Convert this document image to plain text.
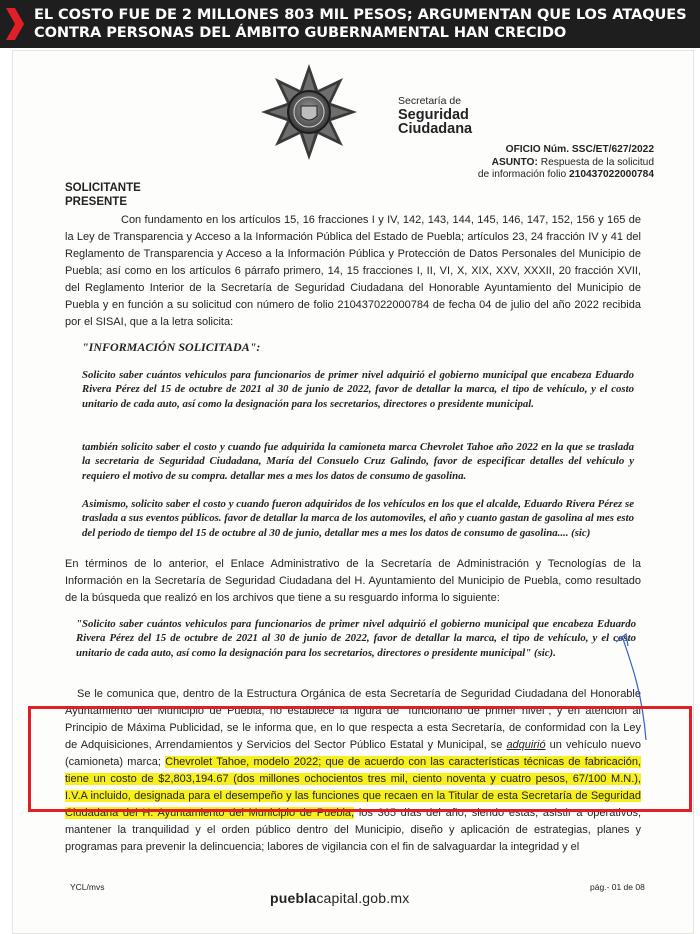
EL COSTO FUE DE 2 MILLONES 803 MIL PESOS; ARGUMENTAN QUE LOS ATAQUES
CONTRA PERSONAS DEL ÁMBITO GUBERNAMENTAL HAN CRECIDO
Secretaría de
Seguridad
Ciudadana
OFICIO Núm. SSC/ET/627/2022
ASUNTO: Respuesta de la solicitud
de información folio 210437022000784
SOLICITANTE
PRESENTE

Con fundamento en los artículos 15, 16 fracciones I y IV, 142, 143, 144, 145, 146, 147, 152, 156 y 165 de la Ley de Transparencia y Acceso a la Información Pública del Estado de Puebla; artículos 23, 24 fracción IV y 41 del Reglamento de Transparencia y Acceso a la Información Pública y Protección de Datos Personales del Municipio de Puebla; así como en los artículos 6 párrafo primero, 14, 15 fracciones I, II, VI, X, XIX, XXV, XXXII, 20 fracción XVII, del Reglamento Interior de la Secretaría de Seguridad Ciudadana del Honorable Ayuntamiento del Municipio de Puebla y en función a su solicitud con número de folio 210437022000784 de fecha 04 de julio del año 2022 recibida por el SISAI, que a la letra solicita:

"INFORMACIÓN SOLICITADA":

Solicito saber cuántos vehiculos para funcionarios de primer nivel adquirió el gobierno municipal que encabeza Eduardo Rivera Pérez del 15 de octubre de 2021 al 30 de junio de 2022, favor de detallar la marca, el tipo de vehículo, y el costo unitario de cada auto, así como la designación para los secretarios, directores o presidente municipal.

también solicito saber el costo y cuando fue adquirida la camioneta marca Chevrolet Tahoe año 2022 en la que se traslada la secretaria de Seguridad Ciudadana, María del Consuelo Cruz Galindo, favor de especificar detalles del vehículo y requiero el motivo de su compra. detallar mes a mes los datos de consumo de gasolina.

Asimismo, solicito saber el costo y cuando fueron adquiridos de los vehículos en los que el alcalde, Eduardo Rivera Pérez se traslada a sus eventos públicos. favor de detallar la marca de los automoviles, el año y cuanto gastan de gasolina al mes esto del periodo de tiempo del 15 de octubre al 30 de junio, detallar mes a mes los datos de consumo de gasolina.... (sic)

En términos de lo anterior, el Enlace Administrativo de la Secretaría de Administración y Tecnologías de la Información en la Secretaría de Seguridad Ciudadana del H. Ayuntamiento del Municipio de Puebla, como resultado de la búsqueda que realizó en los archivos que tiene a su resguardo informa lo siguiente:

"Solicito saber cuántos vehiculos para funcionarios de primer nivel adquirió el gobierno municipal que encabeza Eduardo Rivera Pérez del 15 de octubre de 2021 al 30 de junio de 2022, favor de detallar la marca, el tipo de vehículo, y el costo unitario de cada auto, así como la designación para los secretarios, directores o presidente municipal" (sic).

Se le comunica que, dentro de la Estructura Orgánica de esta Secretaría de Seguridad Ciudadana del Honorable Ayuntamiento del Municipio de Puebla, no establece la figura de "funcionario de primer nivel"; y en atención al Principio de Máxima Publicidad, se le informa que, en lo que respecta a esta Secretaría, de conformidad con la Ley de Adquisiciones, Arrendamientos y Servicios del Sector Público Estatal y Municipal, se adquirió un vehículo nuevo (camioneta) marca; Chevrolet Tahoe, modelo 2022; que de acuerdo con las características técnicas de fabricación, tiene un costo de $2,803,194.67 (dos millones ochocientos tres mil, ciento noventa y cuatro pesos, 67/100 M.N.), I.V.A incluido, designada para el desempeño y las funciones que recaen en la Titular de esta Secretaría de Seguridad Ciudadana del H. Ayuntamiento del Municipio de Puebla, los 365 días del año, siendo estas; asistir a operativos, mantener la tranquilidad y el orden público dentro del Municipio, diseño y aplicación de estrategias, planes y programas para prevenir la delincuencia; labores de vigilancia con el fin de salvaguardar la integridad y el

YCL/mvs
pueblacapital.gob.mx
pág.- 01 de 08
